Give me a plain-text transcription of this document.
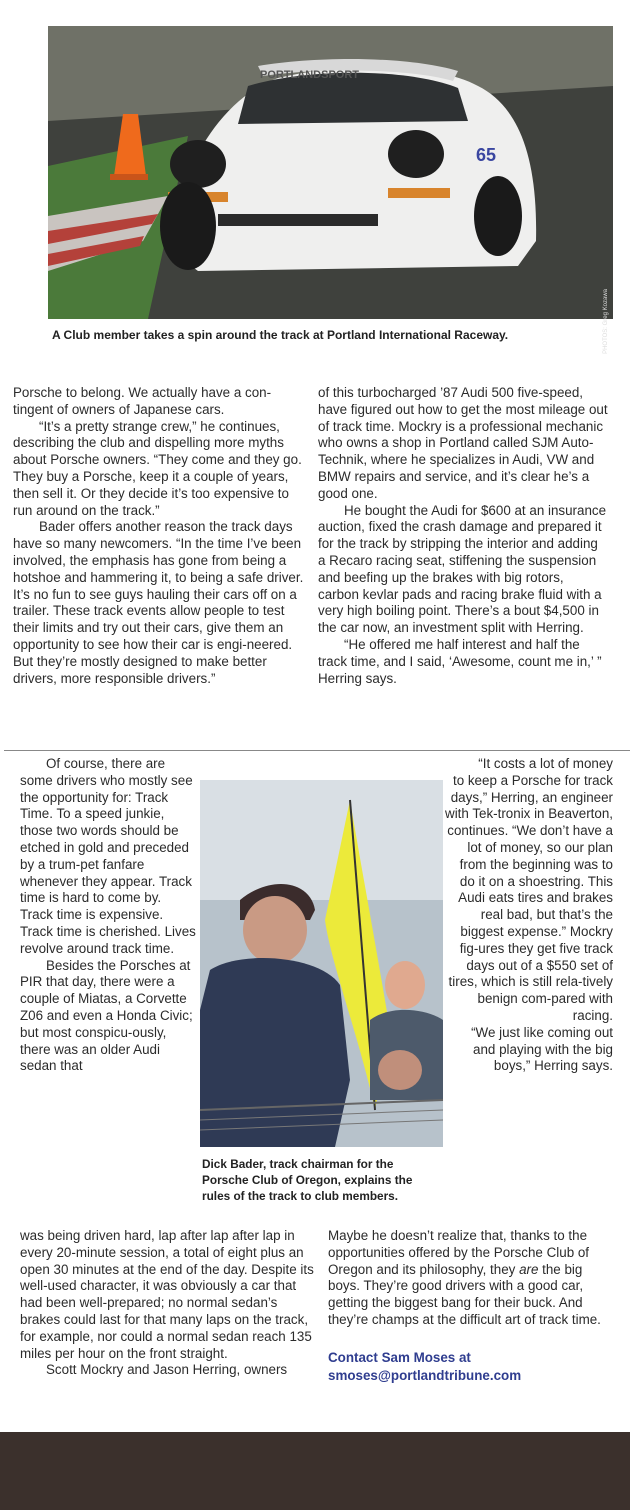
65
PORTLANDSPORT
PHOTOS: Greg Kozawa
A Club member takes a spin around the track at Portland International Raceway.

Porsche to belong. We actually have a con-tingent of owners of Japanese cars.

“It’s a pretty strange crew,” he continues, describing the club and dispelling more myths about Porsche owners. “They come and they go. They buy a Porsche, keep it a couple of years, then sell it. Or they decide it’s too expensive to run around on the track.”

Bader offers another reason the track days have so many newcomers. “In the time I’ve been involved, the emphasis has gone from being a hotshoe and hammering it, to being a safe driver. It’s no fun to see guys hauling their cars off on a trailer. These track events allow people to test their limits and try out their cars, give them an opportunity to see how their car is engi-neered. But they’re mostly designed to make better drivers, more responsible drivers.”

of this turbocharged ’87 Audi 500 five-speed, have figured out how to get the most mileage out of track time. Mockry is a professional mechanic who owns a shop in Portland called SJM Auto-Technik, where he specializes in Audi, VW and BMW repairs and service, and it’s clear he’s a good one.

He bought the Audi for $600 at an insurance auction, fixed the crash damage and prepared it for the track by stripping the interior and adding a Recaro racing seat, stiffening the suspension and beefing up the brakes with big rotors, carbon kevlar pads and racing brake fluid with a very high boiling point. There’s a bout $4,500 in the car now, an investment split with Herring.

“He offered me half interest and half the track time, and I said, ‘Awesome, count me in,’ ” Herring says.

Of course, there are some drivers who mostly see the opportunity for: Track Time. To a speed junkie, those two words should be etched in gold and preceded by a trum-pet fanfare whenever they appear. Track time is hard to come by. Track time is expensive. Track time is cherished. Lives revolve around track time.

Besides the Porsches at PIR that day, there were a couple of Miatas, a Corvette Z06 and even a Honda Civic; but most conspicu-ously, there was an older Audi sedan that

Dick Bader, track chairman for the Porsche Club of Oregon, explains the rules of the track to club members.

“It costs a lot of money to keep a Porsche for track days,” Herring, an engineer with Tek-tronix in Beaverton, continues. “We don’t have a lot of money, so our plan from the beginning was to do it on a shoestring. This Audi eats tires and brakes real bad, but that’s the biggest expense.” Mockry fig-ures they get five track days out of a $550 set of tires, which is still rela-tively benign com-pared with racing.

“We just like coming out and playing with the big boys,” Herring says.

was being driven hard, lap after lap after lap in every 20-minute session, a total of eight plus an open 30 minutes at the end of the day. Despite its well-used character, it was obviously a car that had been well-prepared; no normal sedan’s brakes could last for that many laps on the track, for example, nor could a normal sedan reach 135 miles per hour on the front straight.

Scott Mockry and Jason Herring, owners

Maybe he doesn’t realize that, thanks to the opportunities offered by the Porsche Club of Oregon and its philosophy, they are the big boys. They’re good drivers with a good car, getting the biggest bang for their buck. And they’re champs at the difficult art of track time.

Contact Sam Moses at
smoses@portlandtribune.com
